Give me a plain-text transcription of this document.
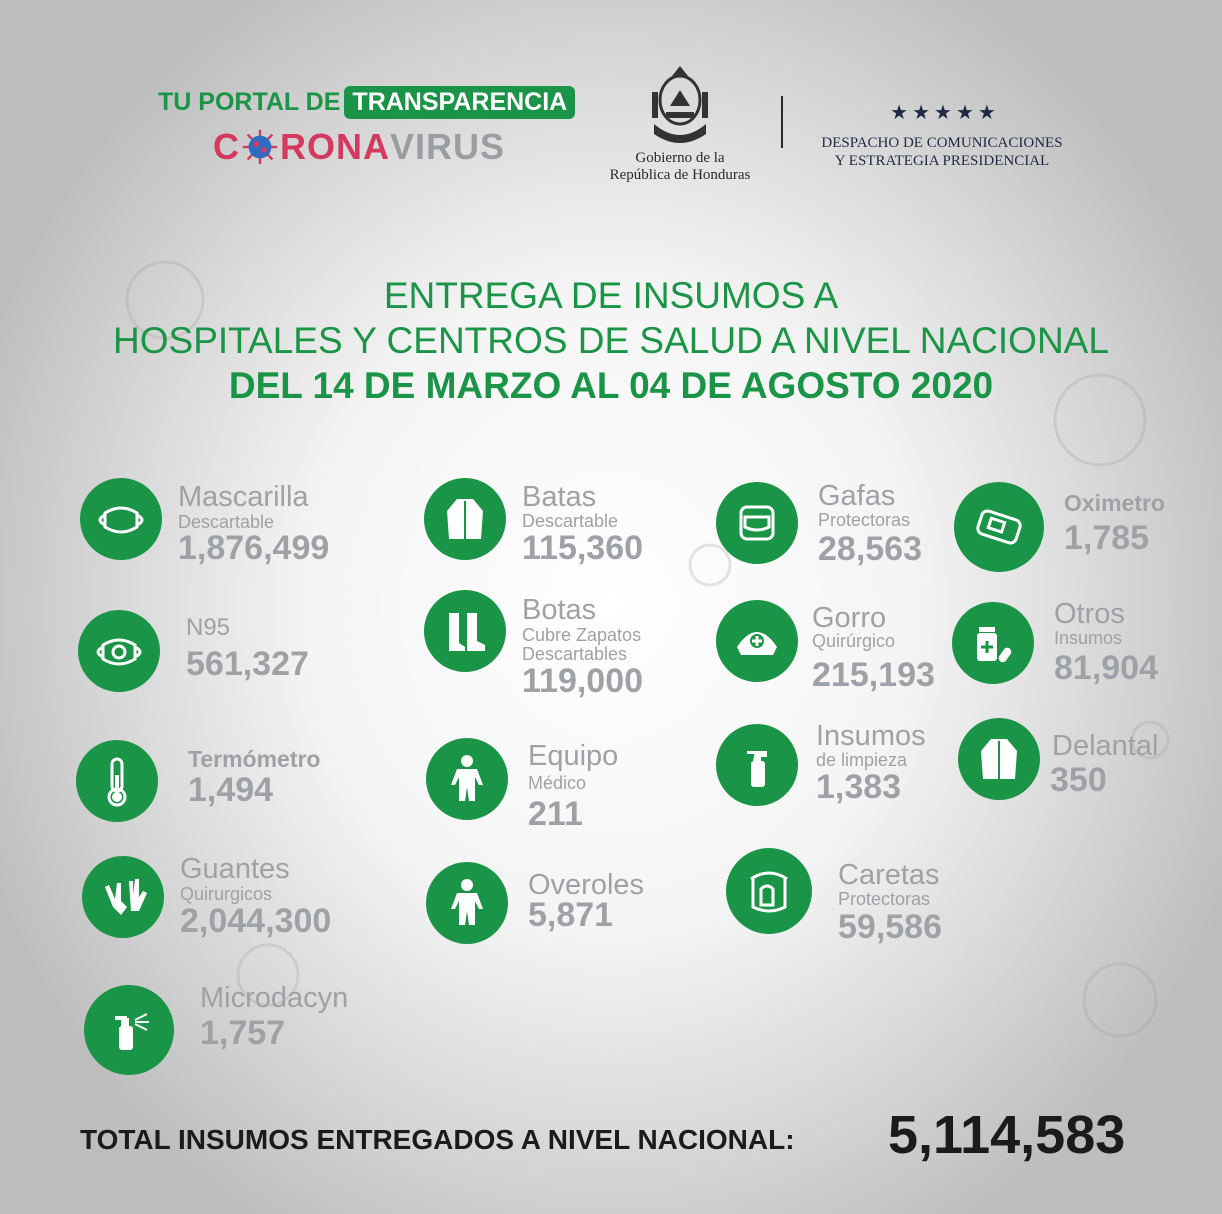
TU PORTAL DE TRANSPARENCIA
C RONA VIRUS	Gobierno de la
República de Honduras
★★★★★
DESPACHO DE COMUNICACIONES
Y ESTRATEGIA PRESIDENCIAL
ENTREGA DE INSUMOS A
HOSPITALES Y CENTROS DE SALUD A NIVEL NACIONAL
DEL 14 DE MARZO AL 04 DE AGOSTO 2020
Mascarilla
Descartable
1,876,499
N95
561,327
Termómetro
1,494
Guantes
Quirurgicos
2,044,300
Microdacyn
1,757
Batas
Descartable
115,360
Botas
Cubre Zapatos
Descartables
119,000
Equipo
Médico
211
Overoles
5,871
Gafas
Protectoras
28,563
Gorro
Quirúrgico
215,193
Insumos
de limpieza
1,383
Caretas
Protectoras
59,586
Oximetro
1,785
Otros
Insumos
81,904
Delantal
350
TOTAL INSUMOS ENTREGADOS A NIVEL NACIONAL: 5,114,583
